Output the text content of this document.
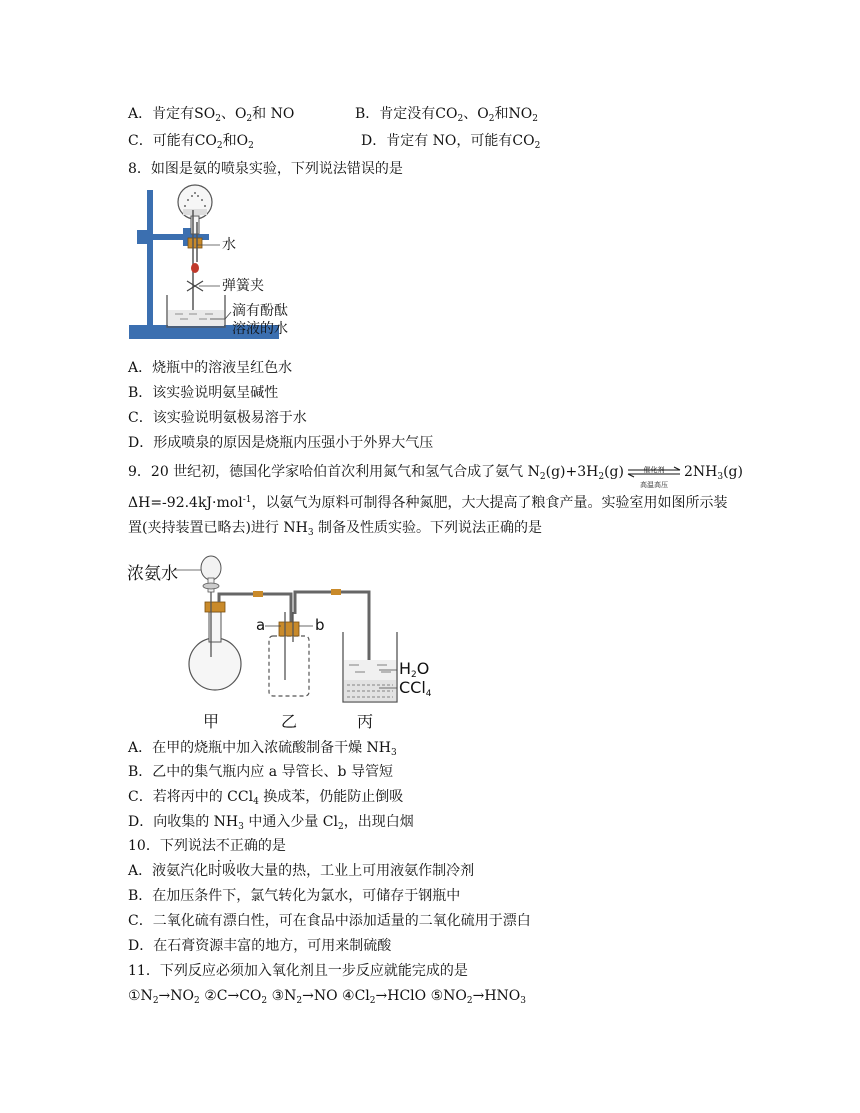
A．肯定有$SO_2$、$O_2$和 NO	B．肯定没有$CO_2$、$O_2$和$NO_2$
C．可能有$CO_2$和$O_2$	D．肯定有 NO，可能有$CO_2$
8．如图是氨的喷泉实验，下列说法错误的是
水
弹簧夹
滴有酚酞
溶液的水
A．烧瓶中的溶液呈红色水
B．该实验说明氨呈碱性
C．该实验说明氨极易溶于水
D．形成喷泉的原因是烧瓶内压强小于外界大气压
9．20 世纪初，德国化学家哈伯首次利用氮气和氢气合成了氨气 $N_2(g)+3H_2(g)$	催化剂
高温高压
$2NH_3(g)$
ΔH=-92.4kJ·mol$^{-1}$，以氨气为原料可制得各种氮肥，大大提高了粮食产量。实验室用如图所示装
置(夹持装置已略去)进行 $NH_3$ 制备及性质实验。下列说法正确的是
浓氨水
a	b
$H_2O$
CCl$_4$
甲	乙	丙
A．在甲的烧瓶中加入浓硫酸制备干燥 $NH_3$
B．乙中的集气瓶内应 a 导管长、b 导管短
C．若将丙中的 CCl$_4$ 换成苯，仍能防止倒吸
D．向收集的 $NH_3$ 中通入少量 $Cl_2$，出现白烟
10．下列说法不正确 · ·的是
A．液氨汽化时吸收大量的热，工业上可用液氨作制冷剂
B．在加压条件下，氯气转化为氯水，可储存于钢瓶中
C．二氧化硫有漂白性，可在食品中添加适量的二氧化硫用于漂白
D．在石膏资源丰富的地方，可用来制硫酸
11．下列反应必须加入氧化剂且一步反应就能完成的是
$①N_2\to NO_2$ $②C\to CO_2$ $③N_2\to NO$ $④Cl_2\to HClO$ $⑤NO_2\to HNO_3$
